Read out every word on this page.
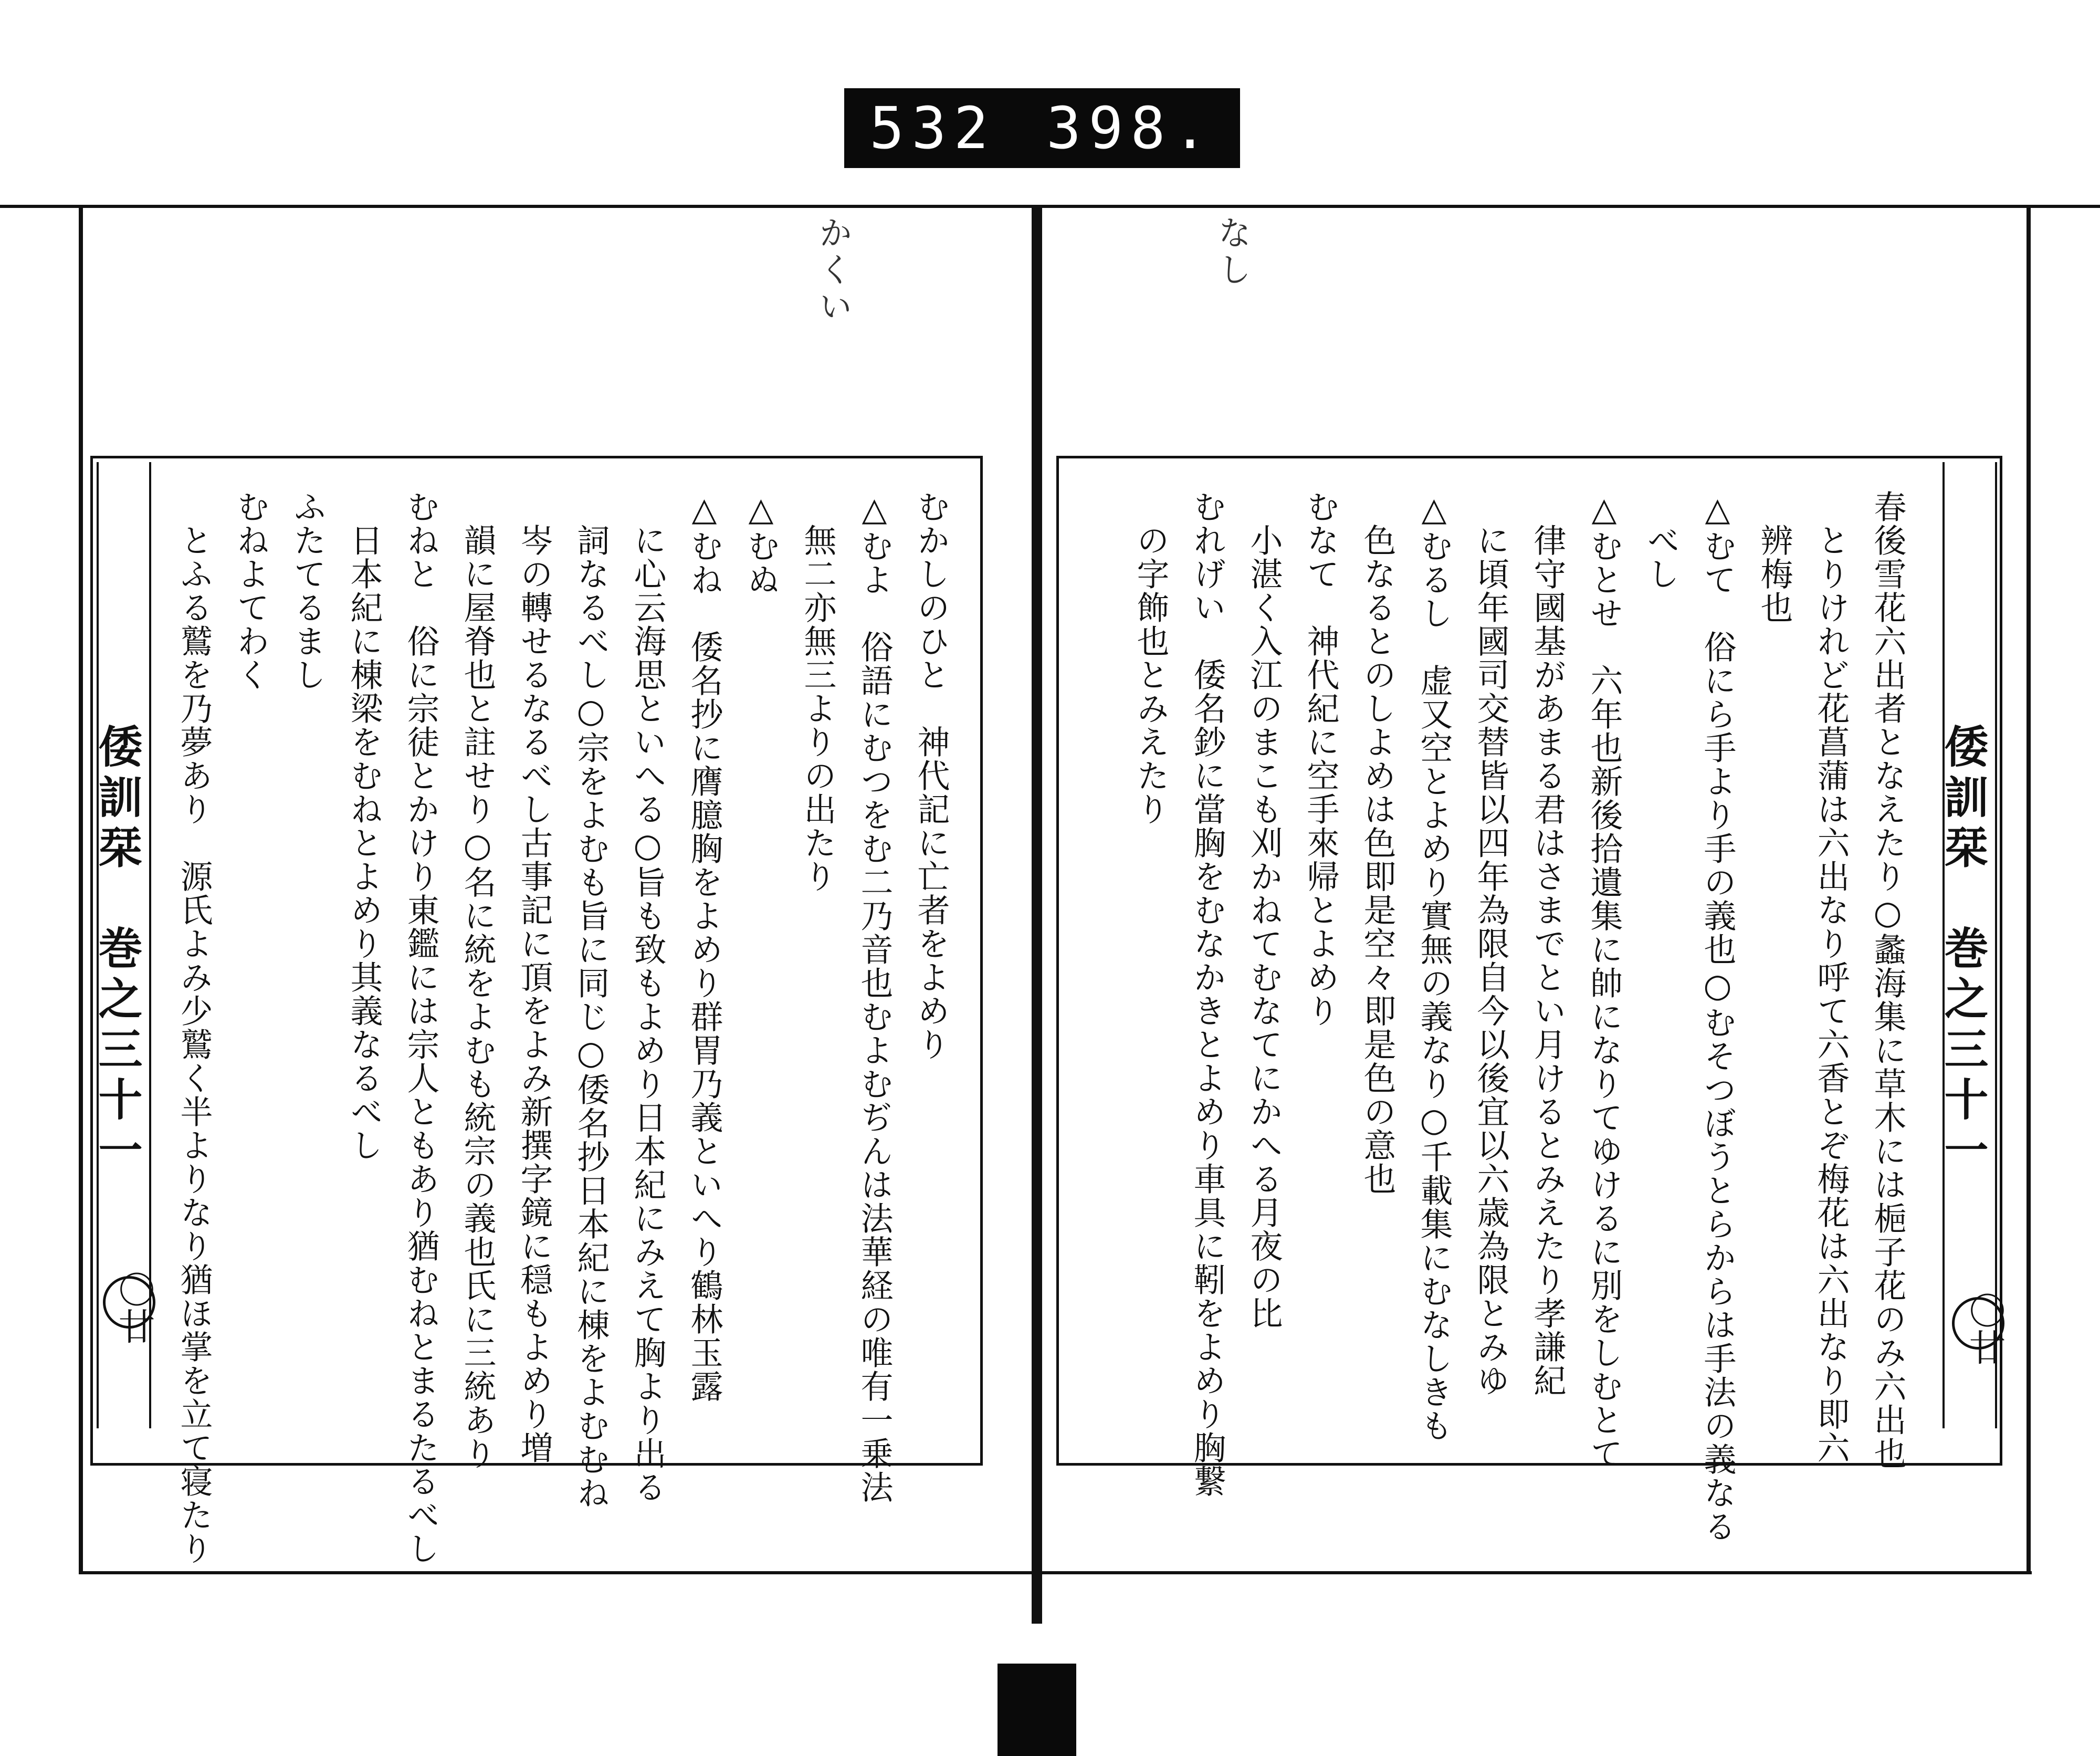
532 398.
かくい	なし
むかしのひと　神代記に亡者をよめり
△むよ　俗語にむつをむ二乃音也むよむぢんは法華経の唯有一乗法
　無二亦無三よりの出たり
△むぬ
△むね　倭名抄に膺臆胸をよめり群胃乃義といへり鶴林玉露
　に心云海思といへる○旨も致もよめり日本紀にみえて胸より出る
　詞なるべし○宗をよむも旨に同じ○倭名抄日本紀に棟をよむむね
　岑の轉せるなるべし古事記に頂をよみ新撰字鏡に穏もよめり増
　韻に屋脊也と註せり○名に統をよむも統宗の義也氏に三統あり
むねと　俗に宗徒とかけり東鑑には宗人ともあり猶むねとまるたるべし
　日本紀に棟梁をむねとよめり其義なるべし
ふたてるまし
むねよてわく
　とふる鷲を乃夢あり　源氏よみ少鷲く半よりなり猶ほ掌を立て寝たり
倭訓栞　巻之三十一
〇廿	春後雪花六出者となえたり○蠡海集に草木には梔子花のみ六出也
　とりけれど花菖蒲は六出なり呼て六香とぞ梅花は六出なり即六
　辨梅也
△むて　俗にら手より手の義也○むそつぼうとらからは手法の義なる
　べし
△むとせ　六年也新後拾遺集に帥になりてゆけるに別をしむとて
　律守國基があまる君はさまでとい月けるとみえたり孝謙紀
　に頃年國司交替皆以四年為限自今以後宜以六歳為限とみゆ
△むるし　虚又空とよめり實無の義なり○千載集にむなしきも
　色なるとのしよめは色即是空々即是色の意也
むなて　神代紀に空手來帰とよめり
　小湛く入江のまこも刈かねてむなてにかへる月夜の比
むれげい　倭名鈔に當胸をむなかきとよめり車具に靷をよめり胸繋
　の字飾也とみえたり
倭訓栞　巻之三十一
〇廿
